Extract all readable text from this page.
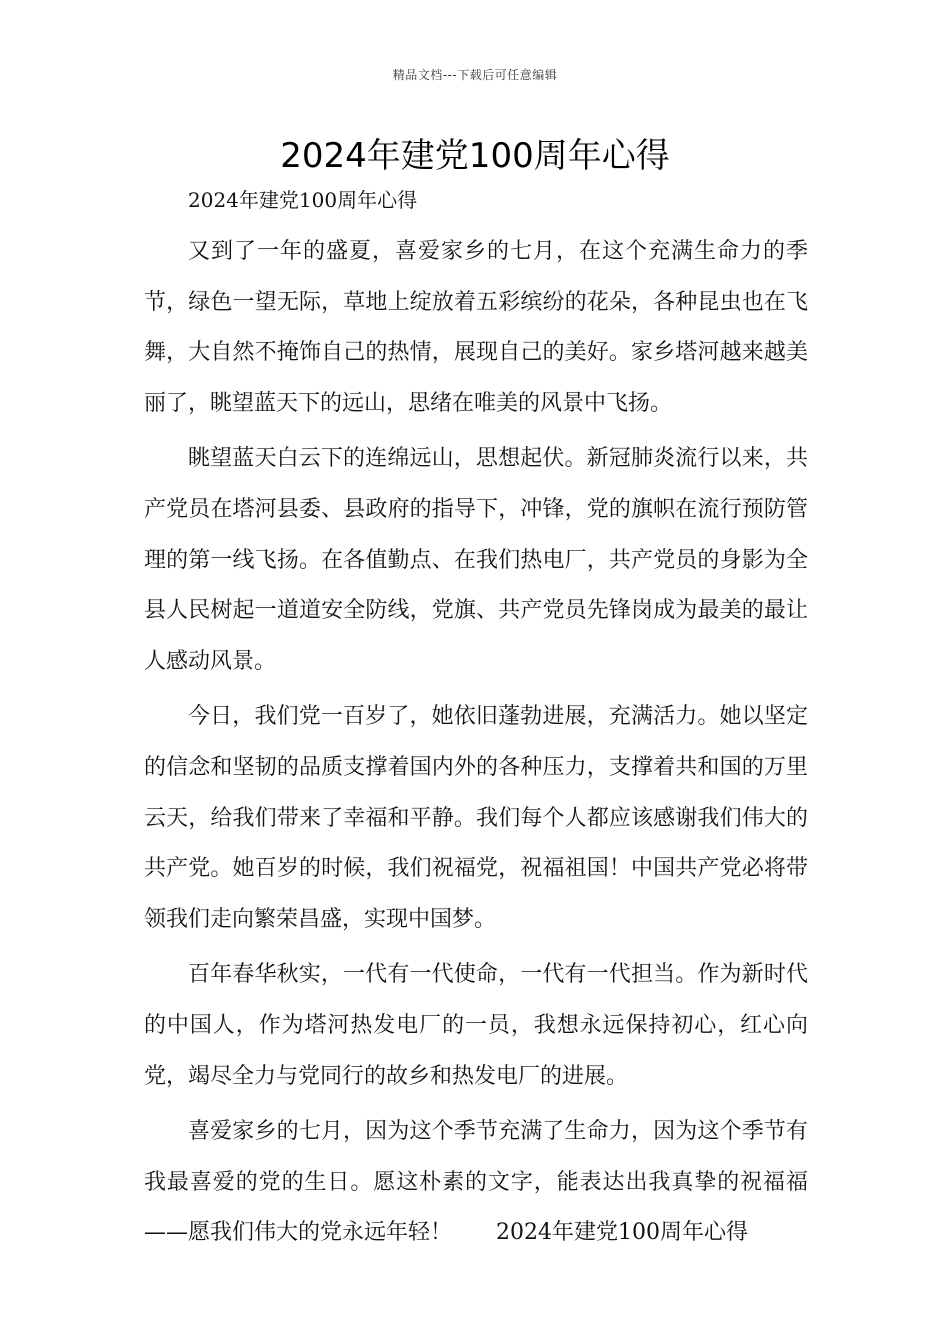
精品文档---下载后可任意编辑
2024年建党100周年心得
2024年建党100周年心得

又到了一年的盛夏，喜爱家乡的七月，在这个充满生命力的季节，绿色一望无际，草地上绽放着五彩缤纷的花朵，各种昆虫也在飞舞，大自然不掩饰自己的热情，展现自己的美好。家乡塔河越来越美丽了，眺望蓝天下的远山，思绪在唯美的风景中飞扬。

眺望蓝天白云下的连绵远山，思想起伏。新冠肺炎流行以来，共产党员在塔河县委、县政府的指导下，冲锋，党的旗帜在流行预防管理的第一线飞扬。在各值勤点、在我们热电厂，共产党员的身影为全县人民树起一道道安全防线，党旗、共产党员先锋岗成为最美的最让人感动风景。

今日，我们党一百岁了，她依旧蓬勃进展，充满活力。她以坚定的信念和坚韧的品质支撑着国内外的各种压力，支撑着共和国的万里云天，给我们带来了幸福和平静。我们每个人都应该感谢我们伟大的共产党。她百岁的时候，我们祝福党，祝福祖国！中国共产党必将带领我们走向繁荣昌盛，实现中国梦。

百年春华秋实，一代有一代使命，一代有一代担当。作为新时代的中国人，作为塔河热发电厂的一员，我想永远保持初心，红心向党，竭尽全力与党同行的故乡和热发电厂的进展。

喜爱家乡的七月，因为这个季节充满了生命力，因为这个季节有我最喜爱的党的生日。愿这朴素的文字，能表达出我真挚的祝福福——愿我们伟大的党永远年轻！ 2024年建党100周年心得
